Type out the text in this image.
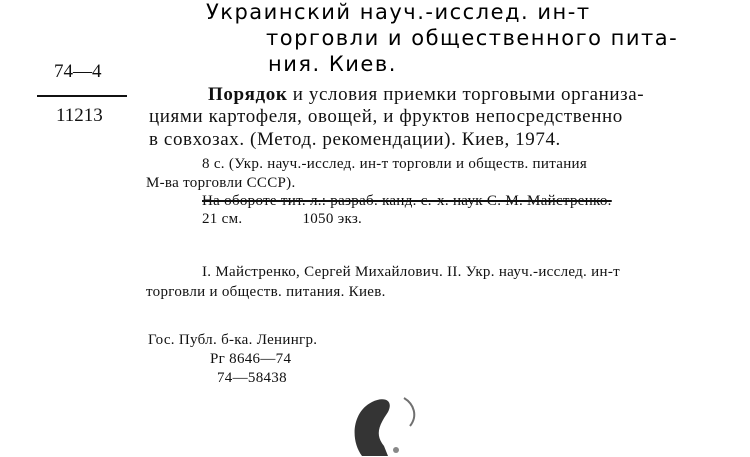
Украинский науч.-исслед. ин-т
торговли и общественного пита-
ния. Киев.
74—4
11213
Порядок и условия приемки торговыми организа-
циями картофеля, овощей, и фруктов непосредственно
в совхозах. (Метод. рекомендации). Киев, 1974.
8 с. (Укр. науч.-исслед. ин-т торговли и обществ. питания
М-ва торговли СССР).
На обороте тит. л.: разраб. канд. с.-х. наук С. М. Майстренко.
21 см.	1050 экз.
I. Майстренко, Сергей Михайлович. II. Укр. науч.-исслед. ин-т
торговли и обществ. питания. Киев.
Гос. Публ. б-ка. Ленингр.
Рг 8646—74
74—58438
